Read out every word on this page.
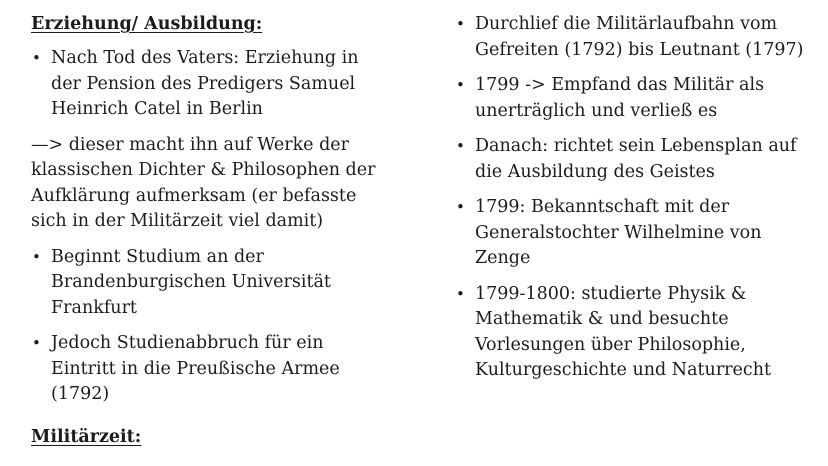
Erziehung/ Ausbildung:
• Nach Tod des Vaters: Erziehung in der Pension des Predigers Samuel Heinrich Catel in Berlin

—> dieser macht ihn auf Werke der klassischen Dichter & Philosophen der Aufklärung aufmerksam (er befasste sich in der Militärzeit viel damit)

• Beginnt Studium an der Brandenburgischen Universität Frankfurt
• Jedoch Studienabbruch für ein Eintritt in die Preußische Armee (1792)
Militärzeit:
• Durchlief die Militärlaufbahn vom Gefreiten (1792) bis Leutnant (1797)
• 1799 -> Empfand das Militär als unerträglich und verließ es
• Danach: richtet sein Lebensplan auf die Ausbildung des Geistes
• 1799: Bekanntschaft mit der Generalstochter Wilhelmine von Zenge
• 1799-1800: studierte Physik & Mathematik & und besuchte Vorlesungen über Philosophie, Kulturgeschichte und Naturrecht
